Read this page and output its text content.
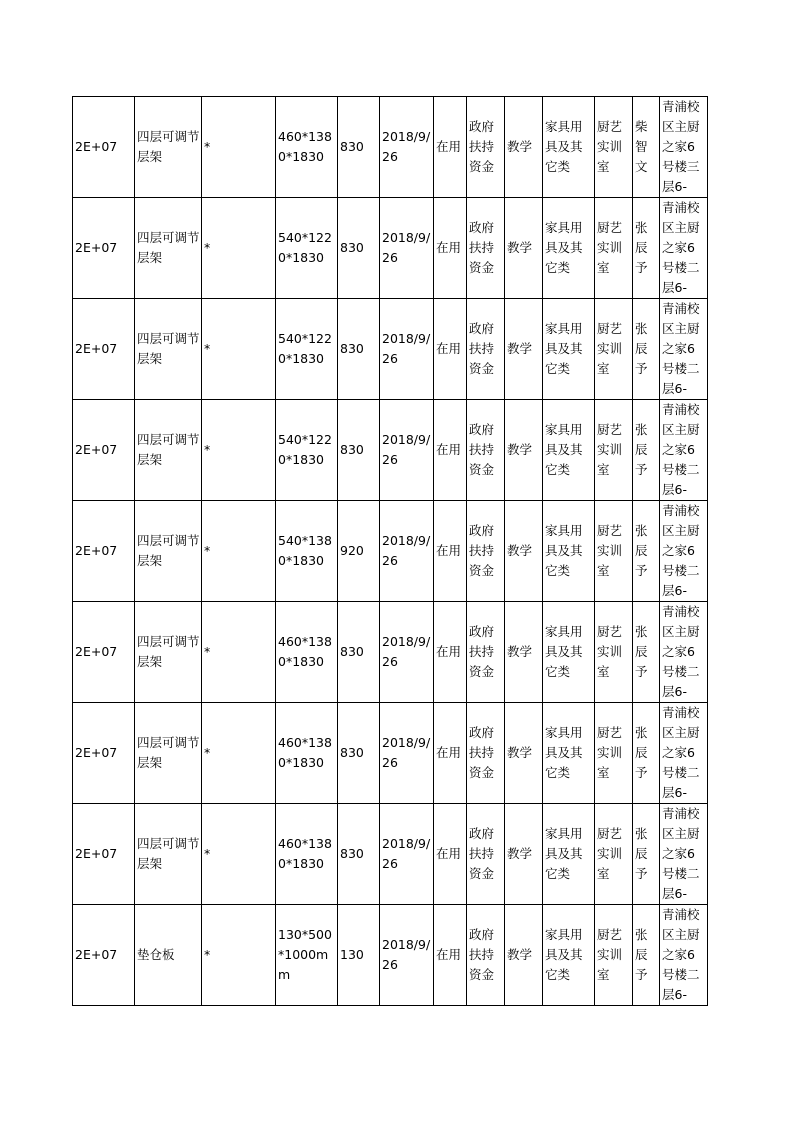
2E+07	四层可调节层架	*	460*1380*1830	830	2018/9/26	在用	政府扶持资金	教学	家具用具及其它类	厨艺实训室	柴智文	青浦校区主厨之家6号楼三层6-

2E+07	四层可调节层架	*	540*1220*1830	830	2018/9/26	在用	政府扶持资金	教学	家具用具及其它类	厨艺实训室	张辰予	青浦校区主厨之家6号楼二层6-

2E+07	四层可调节层架	*	540*1220*1830	830	2018/9/26	在用	政府扶持资金	教学	家具用具及其它类	厨艺实训室	张辰予	青浦校区主厨之家6号楼二层6-

2E+07	四层可调节层架	*	540*1220*1830	830	2018/9/26	在用	政府扶持资金	教学	家具用具及其它类	厨艺实训室	张辰予	青浦校区主厨之家6号楼二层6-

2E+07	四层可调节层架	*	540*1380*1830	920	2018/9/26	在用	政府扶持资金	教学	家具用具及其它类	厨艺实训室	张辰予	青浦校区主厨之家6号楼二层6-

2E+07	四层可调节层架	*	460*1380*1830	830	2018/9/26	在用	政府扶持资金	教学	家具用具及其它类	厨艺实训室	张辰予	青浦校区主厨之家6号楼二层6-

2E+07	四层可调节层架	*	460*1380*1830	830	2018/9/26	在用	政府扶持资金	教学	家具用具及其它类	厨艺实训室	张辰予	青浦校区主厨之家6号楼二层6-

2E+07	四层可调节层架	*	460*1380*1830	830	2018/9/26	在用	政府扶持资金	教学	家具用具及其它类	厨艺实训室	张辰予	青浦校区主厨之家6号楼二层6-

2E+07	垫仓板	*	130*500*1000mm	130	2018/9/26	在用	政府扶持资金	教学	家具用具及其它类	厨艺实训室	张辰予	青浦校区主厨之家6号楼二层6-
